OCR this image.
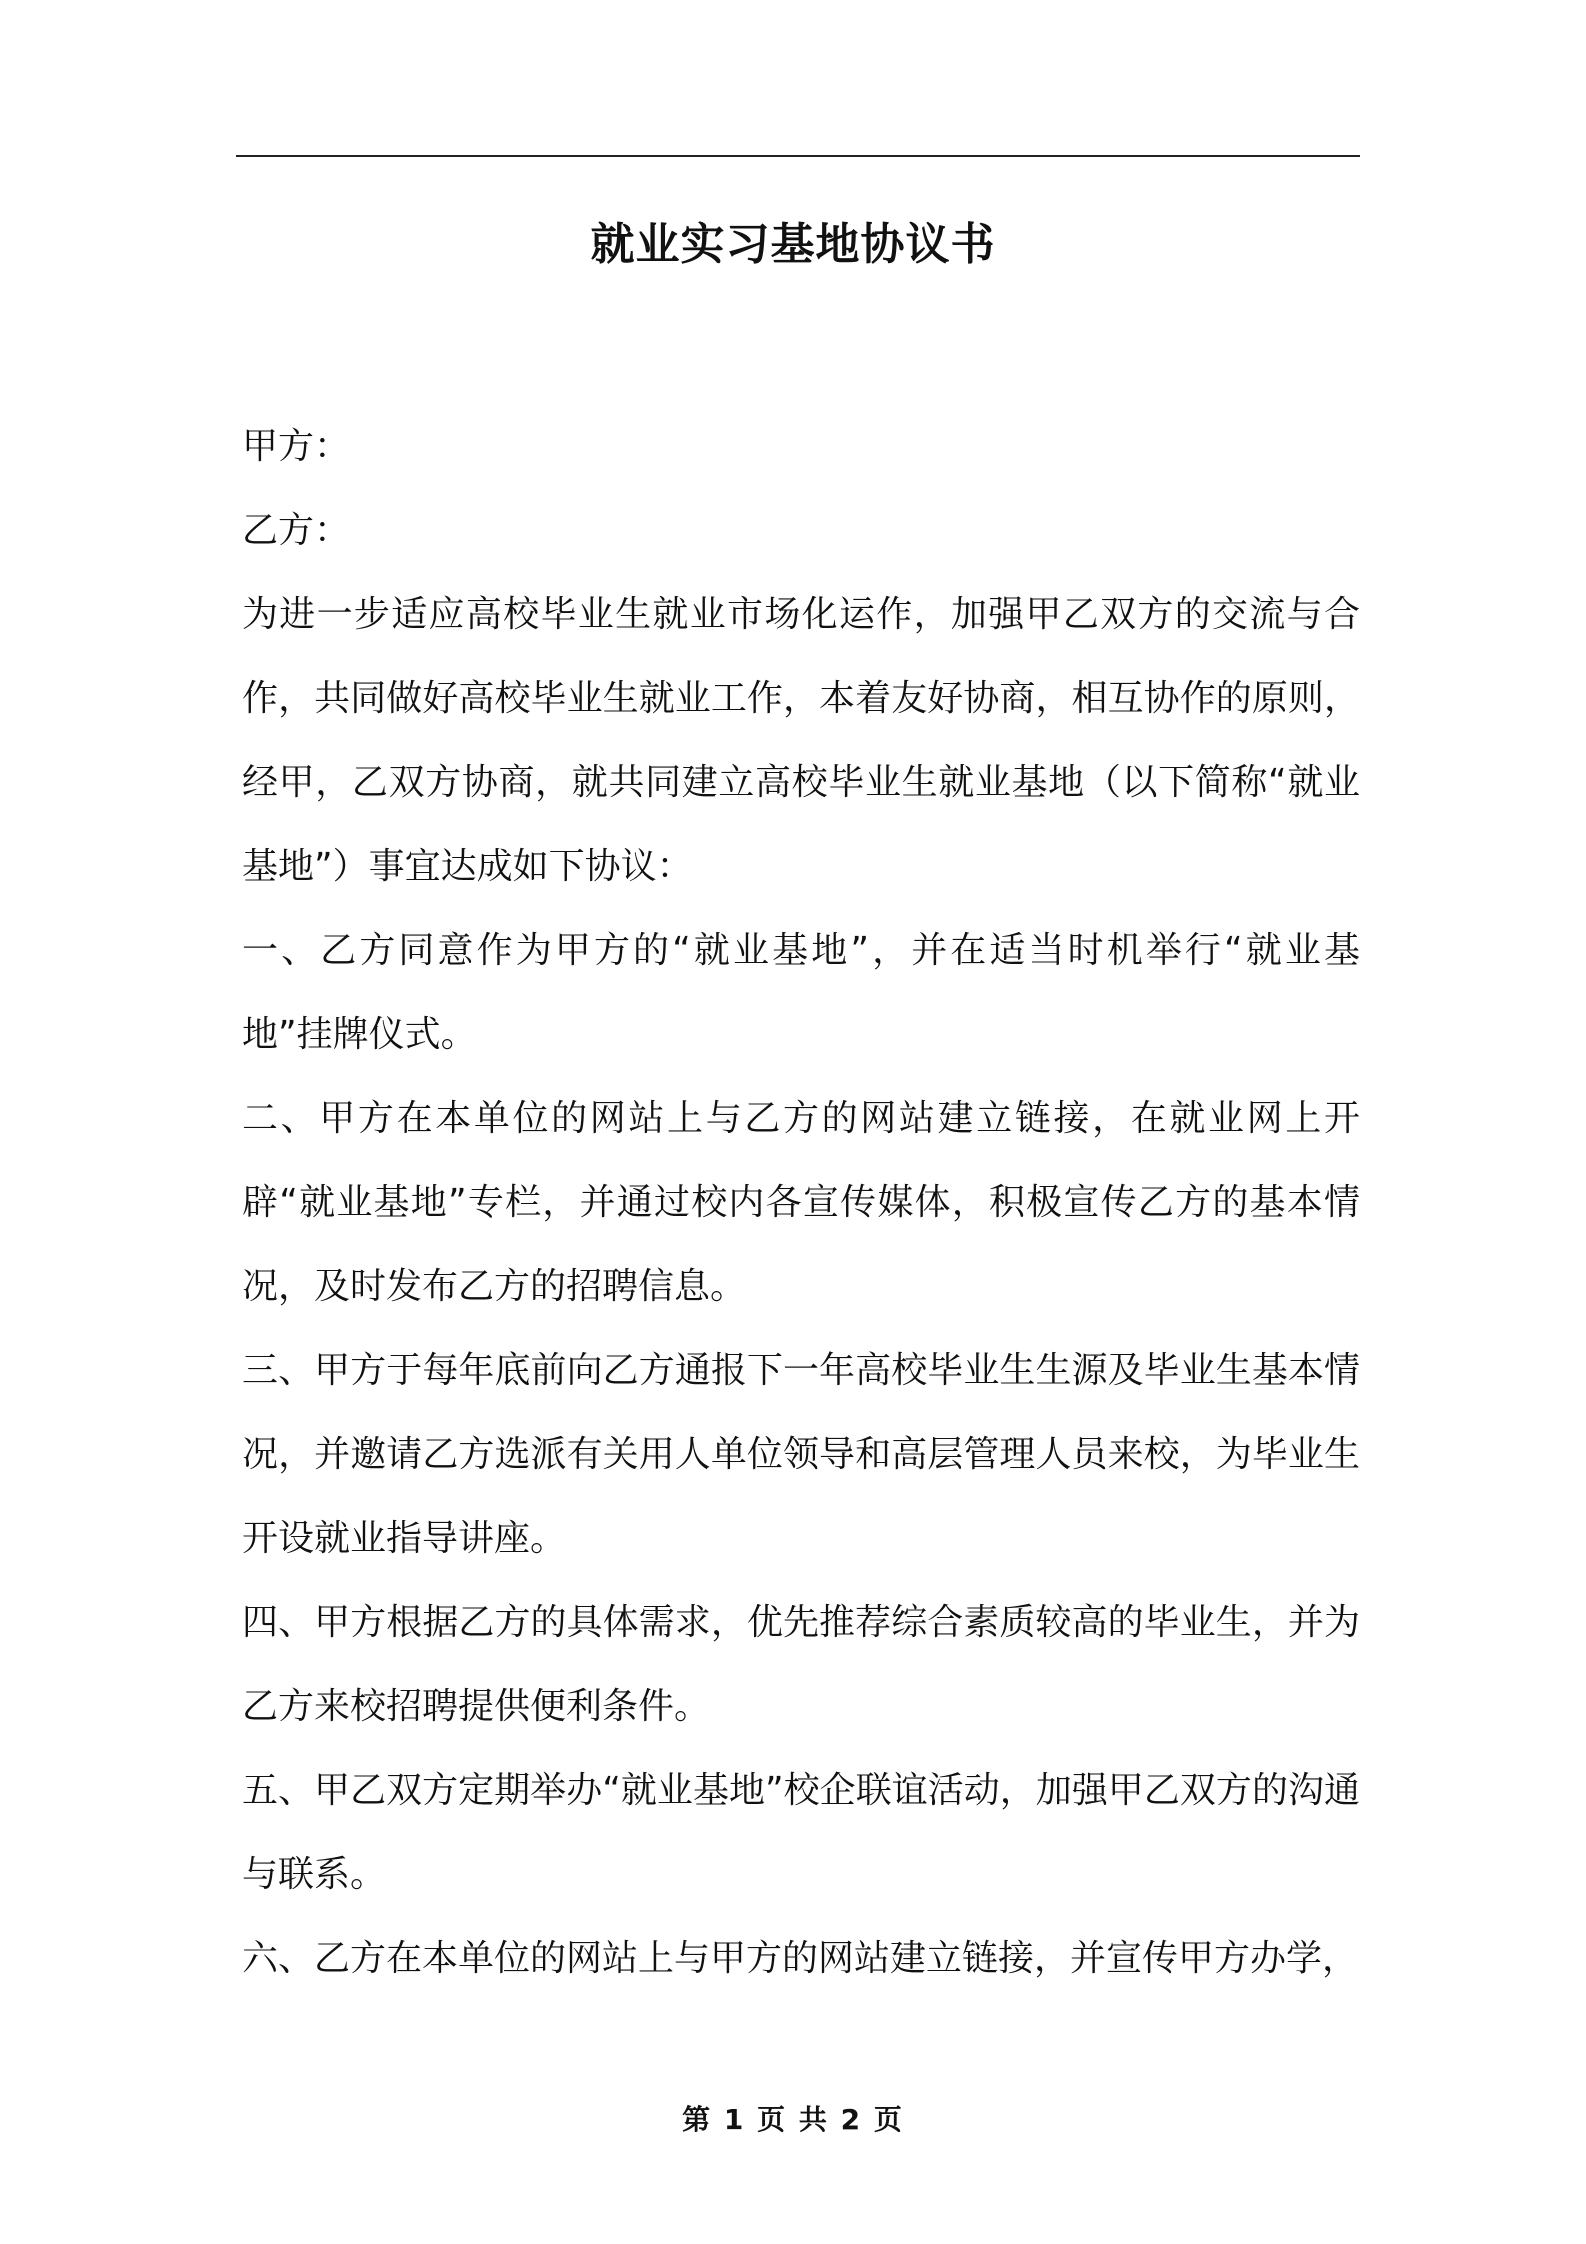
就业实习基地协议书

甲方：

乙方：

为进一步适应高校毕业生就业市场化运作，加强甲乙双方的交流与合作，共同做好高校毕业生就业工作，本着友好协商，相互协作的原则，经甲，乙双方协商，就共同建立高校毕业生就业基地（以下简称“就业基地”）事宜达成如下协议：

一、乙方同意作为甲方的“就业基地”，并在适当时机举行“就业基地”挂牌仪式。

二、甲方在本单位的网站上与乙方的网站建立链接，在就业网上开辟“就业基地”专栏，并通过校内各宣传媒体，积极宣传乙方的基本情况，及时发布乙方的招聘信息。

三、甲方于每年底前向乙方通报下一年高校毕业生生源及毕业生基本情况，并邀请乙方选派有关用人单位领导和高层管理人员来校，为毕业生开设就业指导讲座。

四、甲方根据乙方的具体需求，优先推荐综合素质较高的毕业生，并为乙方来校招聘提供便利条件。

五、甲乙双方定期举办“就业基地”校企联谊活动，加强甲乙双方的沟通与联系。

六、乙方在本单位的网站上与甲方的网站建立链接，并宣传甲方办学，

第 1 页 共 2 页
